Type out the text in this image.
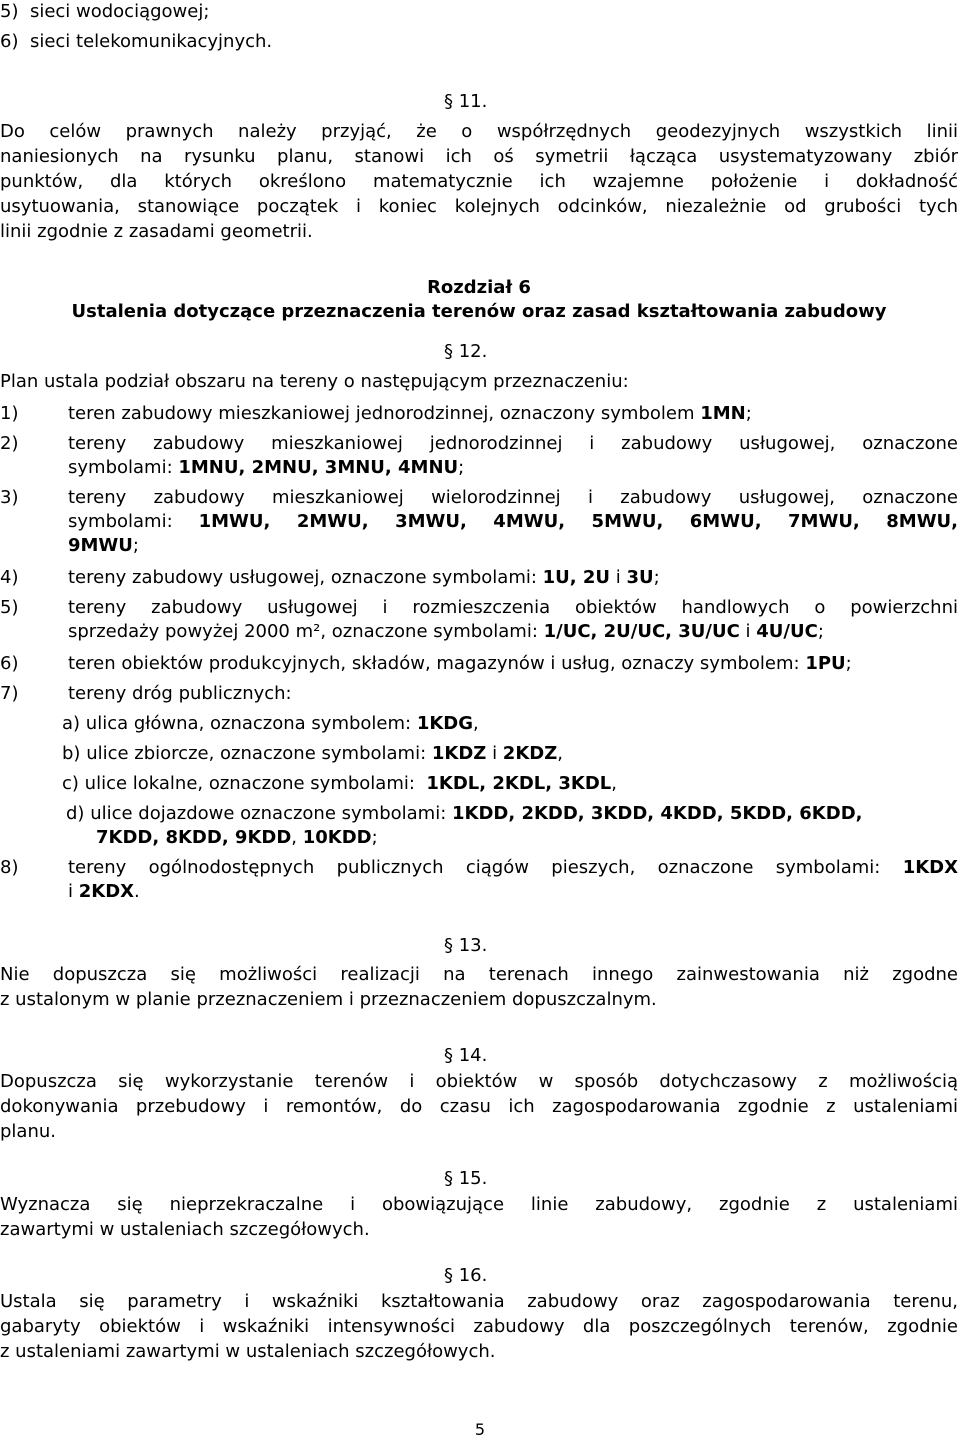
5) sieci wodociągowej;
6) sieci telekomunikacyjnych.
§ 11.
Do celów prawnych należy przyjąć, że o współrzędnych geodezyjnych wszystkich linii
naniesionych na rysunku planu, stanowi ich oś symetrii łącząca usystematyzowany zbiór
punktów, dla których określono matematycznie ich wzajemne położenie i dokładność
usytuowania, stanowiące początek i koniec kolejnych odcinków, niezależnie od grubości tych
linii zgodnie z zasadami geometrii.
Rozdział 6
Ustalenia dotyczące przeznaczenia terenów oraz zasad kształtowania zabudowy
§ 12.
Plan ustala podział obszaru na tereny o następującym przeznaczeniu:
1)	teren zabudowy mieszkaniowej jednorodzinnej, oznaczony symbolem 1MN;
2)	tereny zabudowy mieszkaniowej jednorodzinnej i zabudowy usługowej, oznaczone
symbolami: 1MNU, 2MNU, 3MNU, 4MNU;
3)	tereny zabudowy mieszkaniowej wielorodzinnej i zabudowy usługowej, oznaczone
symbolami: 1MWU, 2MWU, 3MWU, 4MWU, 5MWU, 6MWU, 7MWU, 8MWU,
9MWU;
4)	tereny zabudowy usługowej, oznaczone symbolami: 1U, 2U i 3U;
5)	tereny zabudowy usługowej i rozmieszczenia obiektów handlowych o powierzchni
sprzedaży powyżej 2000 m², oznaczone symbolami: 1/UC, 2U/UC, 3U/UC i 4U/UC;
6)	teren obiektów produkcyjnych, składów, magazynów i usług, oznaczy symbolem: 1PU;
7)	tereny dróg publicznych:
a) ulica główna, oznaczona symbolem: 1KDG,
b) ulice zbiorcze, oznaczone symbolami: 1KDZ i 2KDZ,
c) ulice lokalne, oznaczone symbolami:  1KDL, 2KDL, 3KDL,
d) ulice dojazdowe oznaczone symbolami: 1KDD, 2KDD, 3KDD, 4KDD, 5KDD, 6KDD,
7KDD, 8KDD, 9KDD, 10KDD;
8)	tereny ogólnodostępnych publicznych ciągów pieszych, oznaczone symbolami: 1KDX
i 2KDX.
§ 13.
Nie dopuszcza się możliwości realizacji na terenach innego zainwestowania niż zgodne
z ustalonym w planie przeznaczeniem i przeznaczeniem dopuszczalnym.
§ 14.
Dopuszcza się wykorzystanie terenów i obiektów w sposób dotychczasowy z możliwością
dokonywania przebudowy i remontów, do czasu ich zagospodarowania zgodnie z ustaleniami
planu.
§ 15.
Wyznacza się nieprzekraczalne i obowiązujące linie zabudowy, zgodnie z ustaleniami
zawartymi w ustaleniach szczegółowych.
§ 16.
Ustala się parametry i wskaźniki kształtowania zabudowy oraz zagospodarowania terenu,
gabaryty obiektów i wskaźniki intensywności zabudowy dla poszczególnych terenów, zgodnie
z ustaleniami zawartymi w ustaleniach szczegółowych.
5
